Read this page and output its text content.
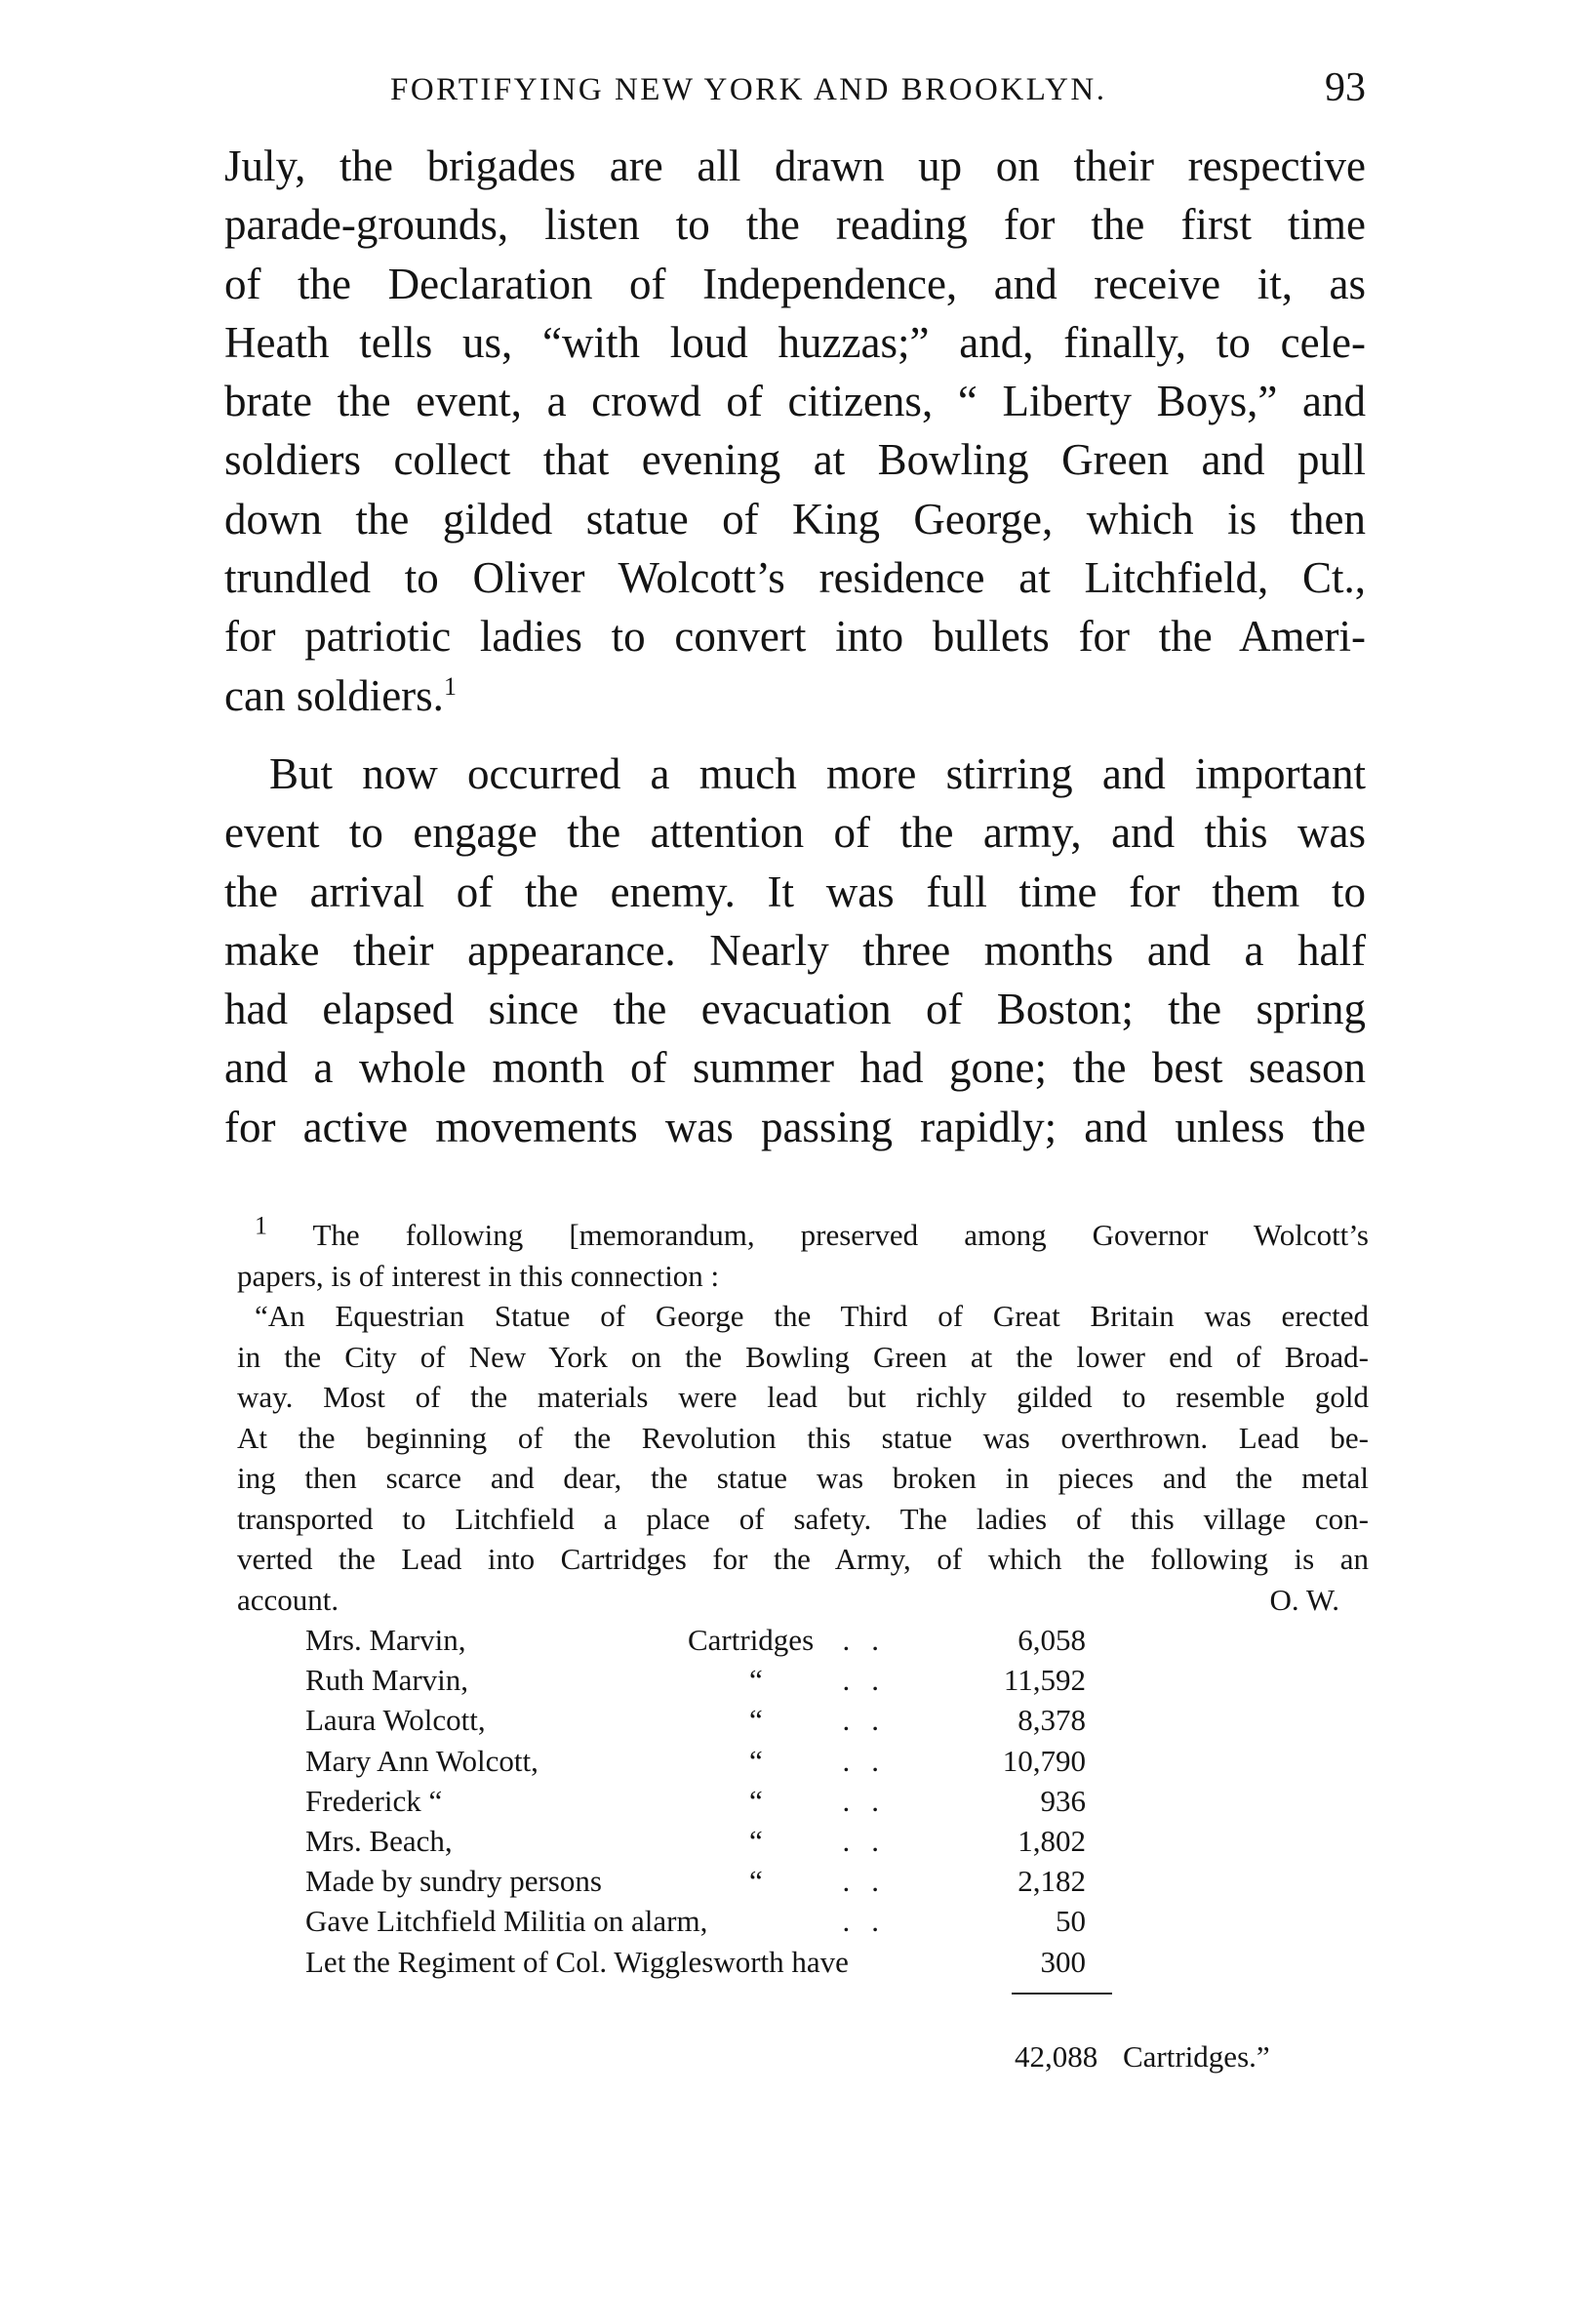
FORTIFYING NEW YORK AND BROOKLYN.	93
July, the brigades are all drawn up on their respective
parade-grounds, listen to the reading for the first time
of the Declaration of Independence, and receive it, as
Heath tells us, “with loud huzzas;” and, finally, to cele-
brate the event, a crowd of citizens, “ Liberty Boys,” and
soldiers collect that evening at Bowling Green and pull
down the gilded statue of King George, which is then
trundled to Oliver Wolcott’s residence at Litchfield, Ct.,
for patriotic ladies to convert into bullets for the Ameri-
can soldiers.$^1$
But now occurred a much more stirring and important
event to engage the attention of the army, and this was
the arrival of the enemy. It was full time for them to
make their appearance. Nearly three months and a half
had elapsed since the evacuation of Boston; the spring
and a whole month of summer had gone; the best season
for active movements was passing rapidly; and unless the
$^1$ The following [memorandum, preserved among Governor Wolcott’s
papers, is of interest in this connection :
“An Equestrian Statue of George the Third of Great Britain was erected
in the City of New York on the Bowling Green at the lower end of Broad-
way. Most of the materials were lead but richly gilded to resemble gold
At the beginning of the Revolution this statue was overthrown. Lead be-
ing then scarce and dear, the statue was broken in pieces and the metal
transported to Litchfield a place of safety. The ladies of this village con-
verted the Lead into Cartridges for the Army, of which the following is an
account.	O. W.
Mrs. Marvin,	Cartridges ..	6,058
Ruth Marvin,	“	..	11,592
Laura Wolcott,	“	..	8,378
Mary Ann Wolcott,	“	..	10,790
Frederick “	“	..	936
Mrs. Beach,	“	..	1,802
Made by sundry persons	“	..	2,182
Gave Litchfield Militia on alarm,	..	50
Let the Regiment of Col. Wigglesworth have	300
42,088 Cartridges.”
